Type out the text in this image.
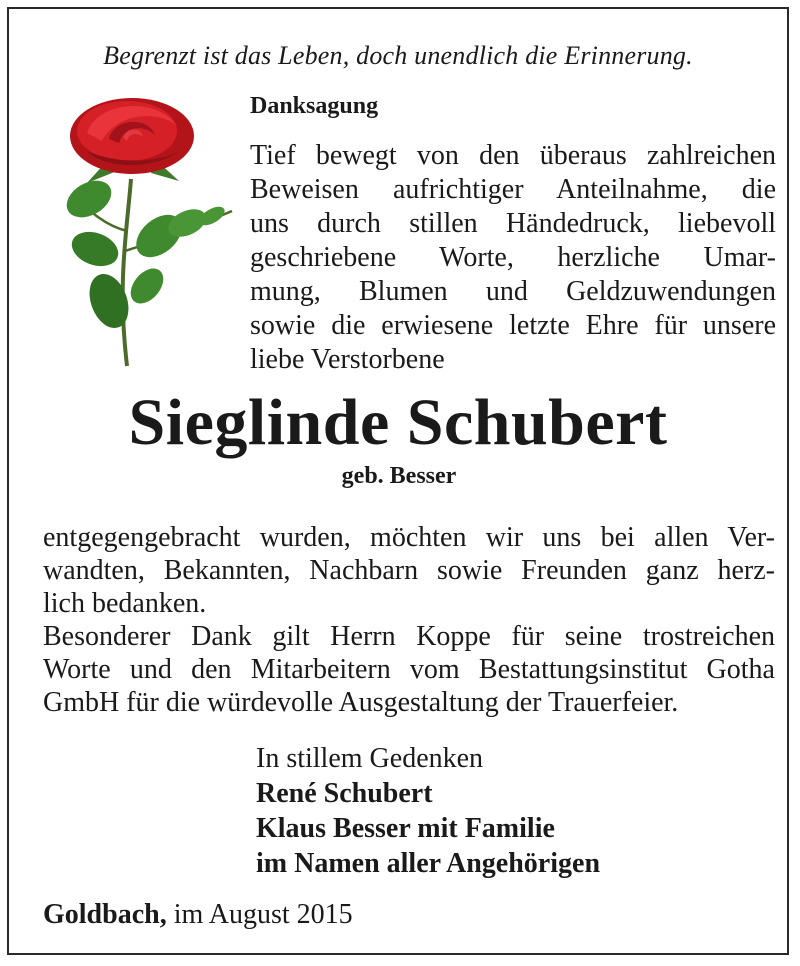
Begrenzt ist das Leben, doch unendlich die Erinnerung.
Danksagung
Tief bewegt von den überaus zahlreichen
Beweisen aufrichtiger Anteilnahme, die
uns durch stillen Händedruck, liebevoll
geschriebene Worte, herzliche Umar-
mung, Blumen und Geldzuwendungen
sowie die erwiesene letzte Ehre für unsere
liebe Verstorbene
Sieglinde Schubert
geb. Besser
entgegengebracht wurden, möchten wir uns bei allen Ver-
wandten, Bekannten, Nachbarn sowie Freunden ganz herz-
lich bedanken.
Besonderer Dank gilt Herrn Koppe für seine trostreichen
Worte und den Mitarbeitern vom Bestattungsinstitut Gotha
GmbH für die würdevolle Ausgestaltung der Trauerfeier.
In stillem Gedenken
René Schubert
Klaus Besser mit Familie
im Namen aller Angehörigen
Goldbach, im August 2015
